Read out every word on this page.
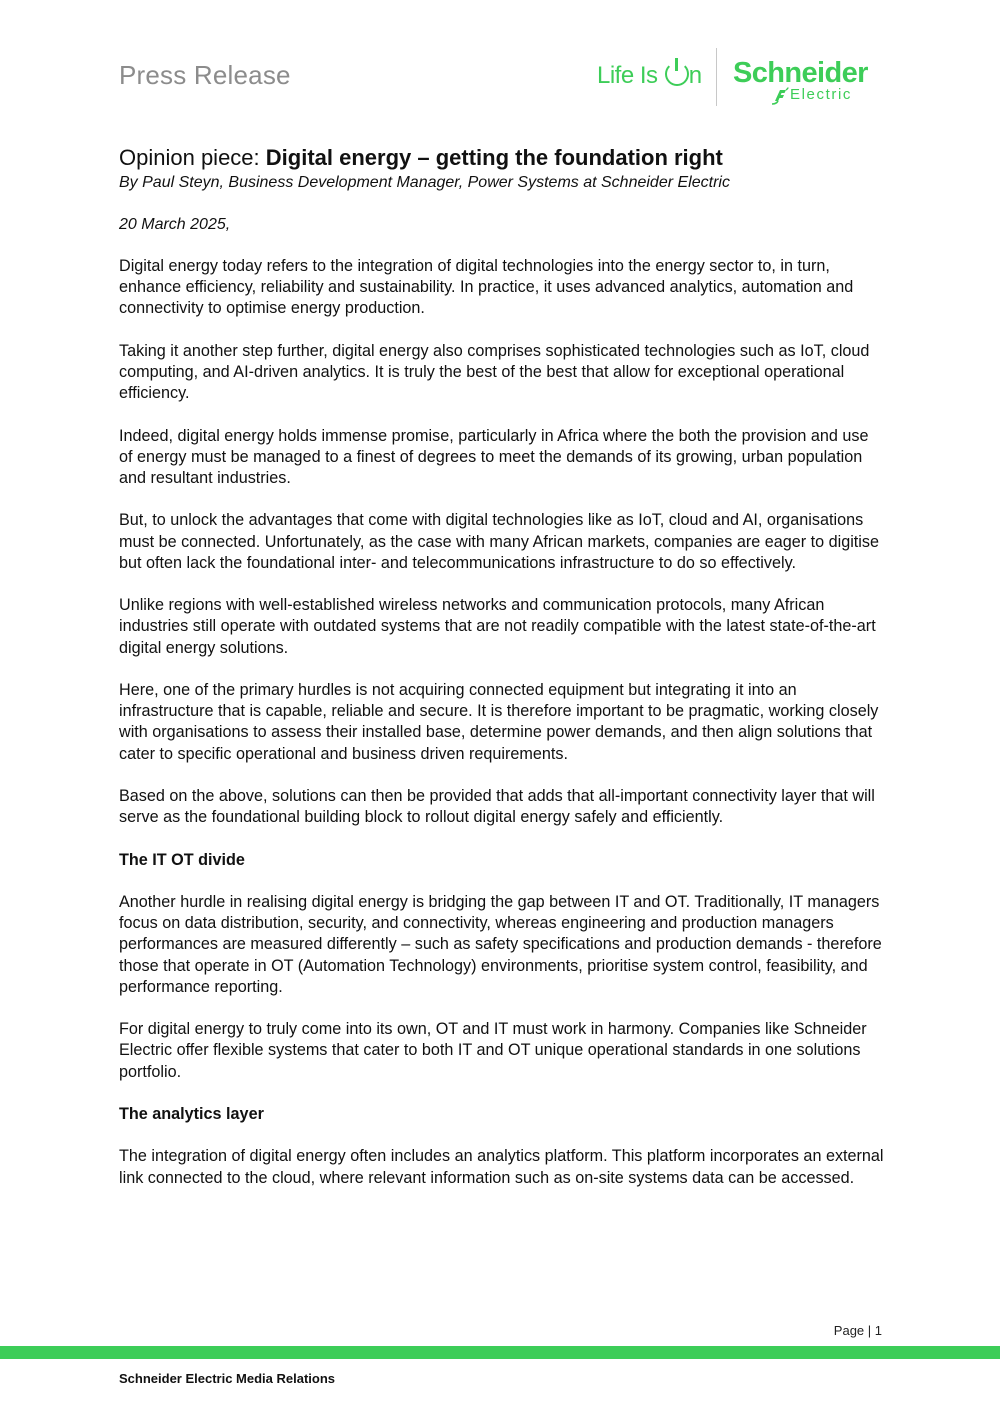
Press Release	Life Is n Schneider
Electric
Opinion piece: Digital energy – getting the foundation right

By Paul Steyn, Business Development Manager, Power Systems at Schneider Electric

20 March 2025,

Digital energy today refers to the integration of digital technologies into the energy sector to, in turn, enhance efficiency, reliability and sustainability. In practice, it uses advanced analytics, automation and connectivity to optimise energy production.

Taking it another step further, digital energy also comprises sophisticated technologies such as IoT, cloud computing, and AI-driven analytics. It is truly the best of the best that allow for exceptional operational efficiency.

Indeed, digital energy holds immense promise, particularly in Africa where the both the provision and use of energy must be managed to a finest of degrees to meet the demands of its growing, urban population and resultant industries.

But, to unlock the advantages that come with digital technologies like as IoT, cloud and AI, organisations must be connected. Unfortunately, as the case with many African markets, companies are eager to digitise but often lack the foundational inter- and telecommunications infrastructure to do so effectively.

Unlike regions with well-established wireless networks and communication protocols, many African industries still operate with outdated systems that are not readily compatible with the latest state-of-the-art digital energy solutions.

Here, one of the primary hurdles is not acquiring connected equipment but integrating it into an infrastructure that is capable, reliable and secure. It is therefore important to be pragmatic, working closely with organisations to assess their installed base, determine power demands, and then align solutions that cater to specific operational and business driven requirements.

Based on the above, solutions can then be provided that adds that all-important connectivity layer that will serve as the foundational building block to rollout digital energy safely and efficiently.

The IT OT divide

Another hurdle in realising digital energy is bridging the gap between IT and OT. Traditionally, IT managers focus on data distribution, security, and connectivity, whereas engineering and production managers performances are measured differently – such as safety specifications and production demands - therefore those that operate in OT (Automation Technology) environments, prioritise system control, feasibility, and performance reporting.

For digital energy to truly come into its own, OT and IT must work in harmony. Companies like Schneider Electric offer flexible systems that cater to both IT and OT unique operational standards in one solutions portfolio.

The analytics layer

The integration of digital energy often includes an analytics platform. This platform incorporates an external link connected to the cloud, where relevant information such as on-site systems data can be accessed.

Page | 1
Schneider Electric Media Relations
